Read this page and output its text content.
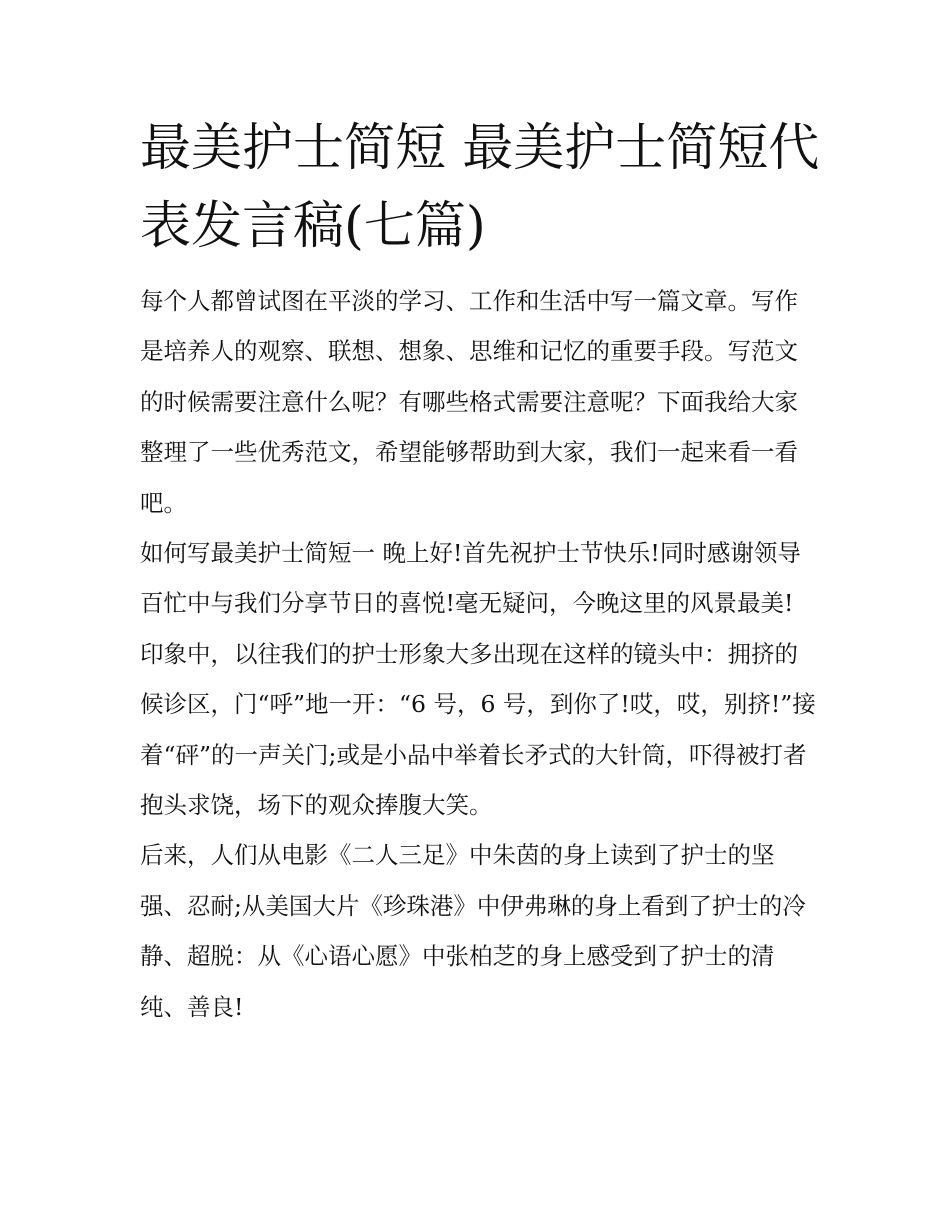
最美护士简短 最美护士简短代表发言稿(七篇)

每个人都曾试图在平淡的学习、工作和生活中写一篇文章。写作是培养人的观察、联想、想象、思维和记忆的重要手段。写范文的时候需要注意什么呢？有哪些格式需要注意呢？下面我给大家整理了一些优秀范文，希望能够帮助到大家，我们一起来看一看吧。

如何写最美护士简短一 晚上好!首先祝护士节快乐!同时感谢领导百忙中与我们分享节日的喜悦!毫无疑问，今晚这里的风景最美!

印象中，以往我们的护士形象大多出现在这样的镜头中：拥挤的候诊区，门“呼”地一开：“6 号，6 号，到你了!哎，哎，别挤!”接着“砰”的一声关门;或是小品中举着长矛式的大针筒，吓得被打者抱头求饶，场下的观众捧腹大笑。

后来，人们从电影《二人三足》中朱茵的身上读到了护士的坚强、忍耐;从美国大片《珍珠港》中伊弗琳的身上看到了护士的冷静、超脱：从《心语心愿》中张柏芝的身上感受到了护士的清纯、善良!
